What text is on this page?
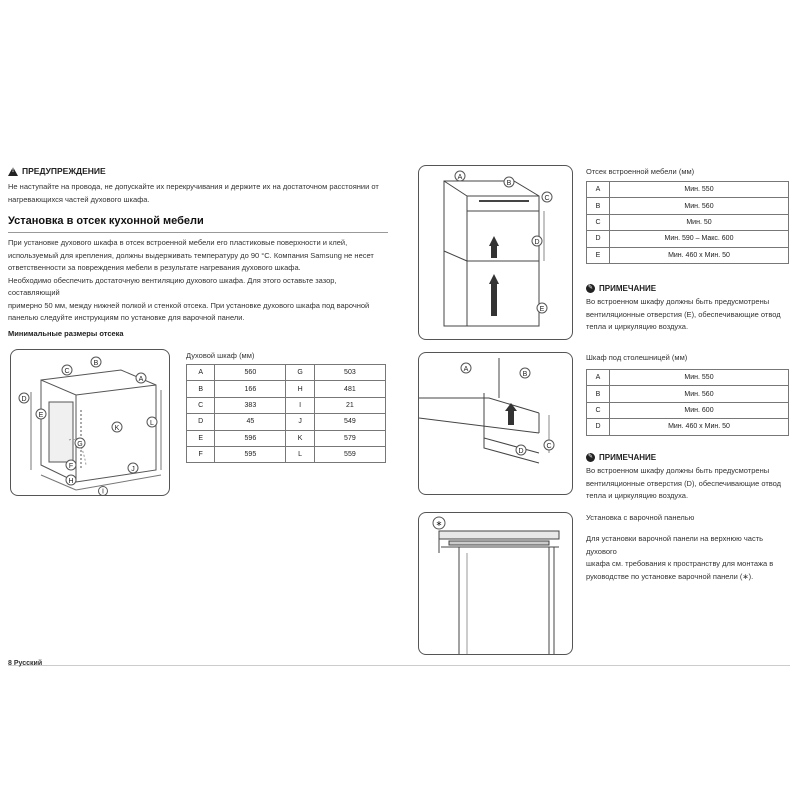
!
ПРЕДУПРЕЖДЕНИЕ
Не наступайте на провода, не допускайте их перекручивания и держите их на достаточном расстоянии от
нагревающихся частей духового шкафа.
Установка в отсек кухонной мебели
При установке духового шкафа в отсек встроенной мебели его пластиковые поверхности и клей,
используемый для крепления, должны выдерживать температуру до 90 °C. Компания Samsung не несет
ответственности за повреждения мебели в результате нагревания духового шкафа.
Необходимо обеспечить достаточную вентиляцию духового шкафа. Для этого оставьте зазор, составляющий
примерно 50 мм, между нижней полкой и стенкой отсека. При установке духового шкафа под варочной
панелью следуйте инструкциям по установке для варочной панели.
Минимальные размеры отсека
C
B
A
D
E
G
K
L
F
H
J
I
Духовой шкаф (мм)
A	560	G	503
B	166	H	481
C	383	I	21
D	45	J	549
E	596	K	579
F	595	L	559
8 Русский
A
B
C
D
E
Отсек встроенной мебели (мм)
A	Мин. 550
B	Мин. 560
C	Мин. 50
D	Мин. 590 – Макс. 600
E	Мин. 460 x Мин. 50
✎ ПРИМЕЧАНИЕ
Во встроенном шкафу должны быть предусмотрены
вентиляционные отверстия (E), обеспечивающие отвод
тепла и циркуляцию воздуха.
A
B
C
D
Шкаф под столешницей (мм)
A	Мин. 550
B	Мин. 560
C	Мин. 600
D	Мин. 460 x Мин. 50
✎ ПРИМЕЧАНИЕ
Во встроенном шкафу должны быть предусмотрены
вентиляционные отверстия (D), обеспечивающие отвод
тепла и циркуляцию воздуха.
∗
Установка с варочной панелью
Для установки варочной панели на верхнюю часть духового
шкафа см. требования к пространству для монтажа в
руководстве по установке варочной панели (∗).
